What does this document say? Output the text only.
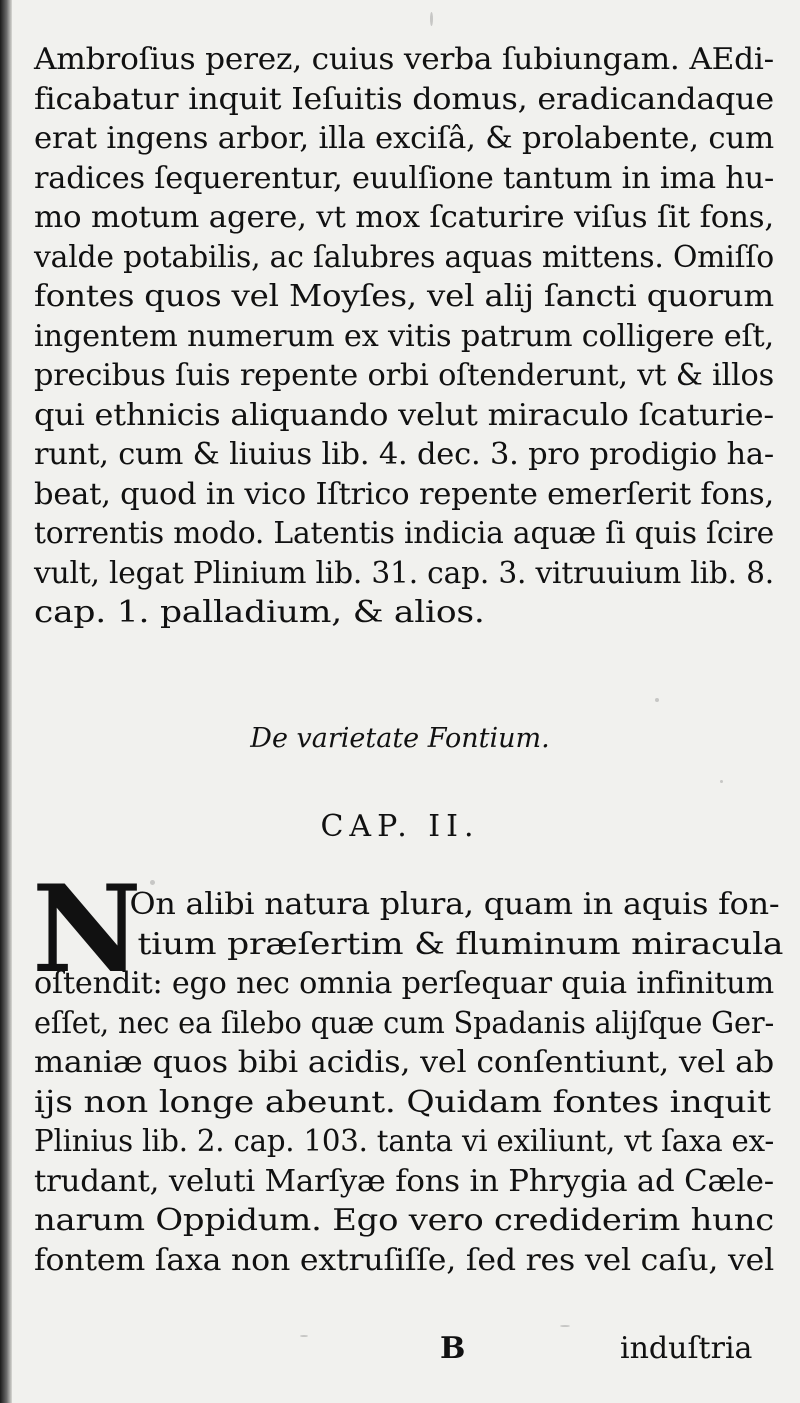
Ambroſius perez, cuius verba ſubiungam. AEdi-
ficabatur inquit Ieſuitis domus, eradicandaque
erat ingens arbor, illa exciſâ, & prolabente, cum
radices ſequerentur, euulſione tantum in ima hu-
mo motum agere, vt mox ſcaturire viſus ſit fons,
valde potabilis, ac ſalubres aquas mittens. Omiſſo
fontes quos vel Moyſes, vel alij ſancti quorum
ingentem numerum ex vitis patrum colligere eſt,
precibus ſuis repente orbi oſtenderunt, vt & illos
qui ethnicis aliquando velut miraculo ſcaturie-
runt, cum & liuius lib. 4. dec. 3. pro prodigio ha-
beat, quod in vico Iſtrico repente emerſerit fons,
torrentis modo. Latentis indicia aquæ ſi quis ſcire
vult, legat Plinium lib. 31. cap. 3. vitruuium lib. 8.
cap. 1. palladium, & alios.
De varietate Fontium.
CAP. II.
N
On alibi natura plura, quam in aquis fon-
tium præſertim & fluminum miracula
oſtendit: ego nec omnia perſequar quia infinitum
eſſet, nec ea ſilebo quæ cum Spadanis alijſque Ger-
maniæ quos bibi acidis, vel conſentiunt, vel ab
ijs non longe abeunt. Quidam fontes inquit
Plinius lib. 2. cap. 103. tanta vi exiliunt, vt ſaxa ex-
trudant, veluti Marſyæ fons in Phrygia ad Cæle-
narum Oppidum. Ego vero crediderim hunc
fontem ſaxa non extruſiſſe, ſed res vel caſu, vel
B	induſtria
